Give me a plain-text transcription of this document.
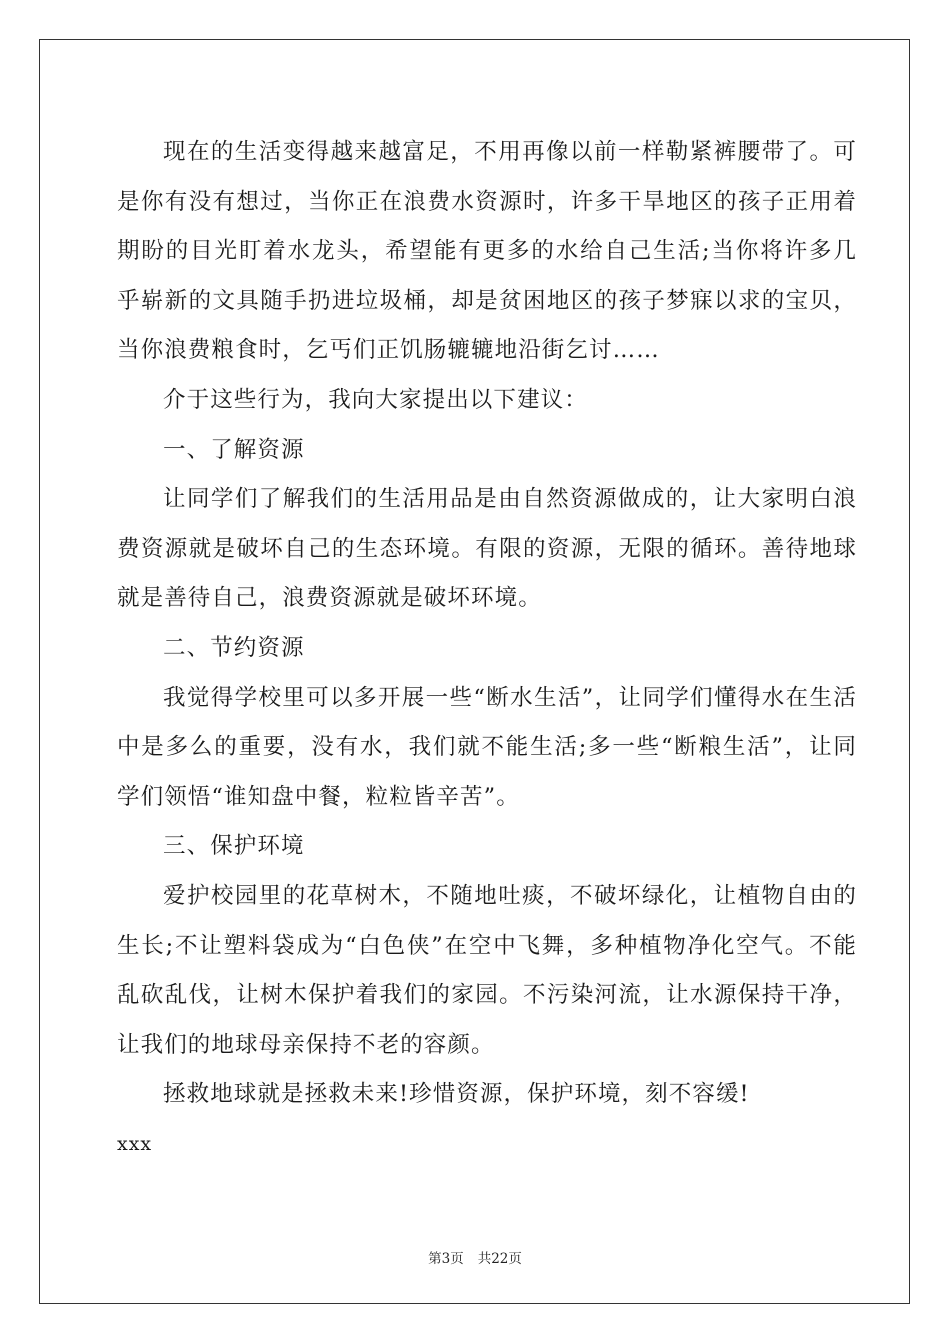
现在的生活变得越来越富足，不用再像以前一样勒紧裤腰带了。可是你有没有想过，当你正在浪费水资源时，许多干旱地区的孩子正用着期盼的目光盯着水龙头，希望能有更多的水给自己生活;当你将许多几乎崭新的文具随手扔进垃圾桶，却是贫困地区的孩子梦寐以求的宝贝，当你浪费粮食时，乞丐们正饥肠辘辘地沿街乞讨……

介于这些行为，我向大家提出以下建议：

一、了解资源

让同学们了解我们的生活用品是由自然资源做成的，让大家明白浪费资源就是破坏自己的生态环境。有限的资源，无限的循环。善待地球就是善待自己，浪费资源就是破坏环境。

二、节约资源

我觉得学校里可以多开展一些“断水生活”，让同学们懂得水在生活中是多么的重要，没有水，我们就不能生活;多一些“断粮生活”，让同学们领悟“谁知盘中餐，粒粒皆辛苦”。

三、保护环境

爱护校园里的花草树木，不随地吐痰，不破坏绿化，让植物自由的生长;不让塑料袋成为“白色侠”在空中飞舞，多种植物净化空气。不能乱砍乱伐，让树木保护着我们的家园。不污染河流，让水源保持干净，让我们的地球母亲保持不老的容颜。

拯救地球就是拯救未来!珍惜资源，保护环境，刻不容缓!

xxx

第3页 共22页
